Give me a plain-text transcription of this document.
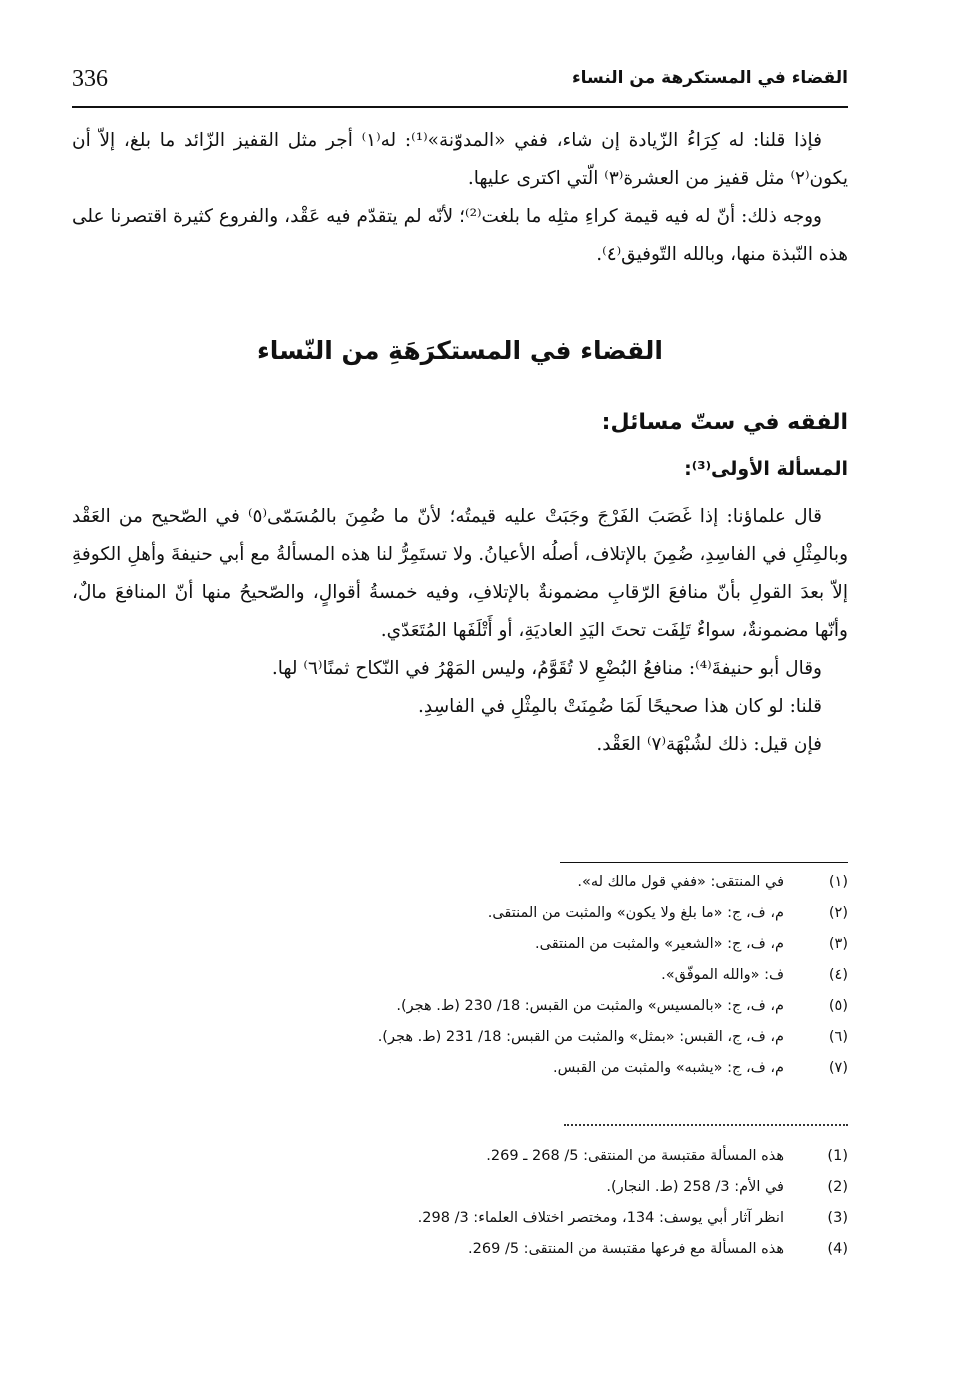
336	القضاء في المستكرهة من النساء

فإذا قلنا: له كِرَاءُ الزّيادة إن شاء، ففي «المدوّنة»⁽¹⁾: له⁽١⁾ أجر مثل القفيز الزّائد ما بلغ، إلاّ أن يكون⁽٢⁾ مثل قفيز من العشرة⁽٣⁾ الّتي اكترى عليها.

ووجه ذلك: أنّ له فيه قيمة كراءِ مثلِه ما بلغت⁽²⁾؛ لأنّه لم يتقدّم فيه عَقْد، والفروع كثيرة اقتصرنا على هذه النّبذة منها، وبالله التّوفيق⁽٤⁾.

القضاء في المستكرَهَةِ من النّساء
الفقه في ستّ مسائل:
المسألة الأولى⁽³⁾:

قال علماؤنا: إذا غَصَبَ الفَرْجَ وجَبَتْ عليه قيمتُه؛ لأنّ ما ضُمِنَ بالمُسَمّى⁽٥⁾ في الصّحيح من العَقْد وبالمِثْلِ في الفاسِدِ، ضُمِنَ بالإتلاف، أصلُه الأعيانُ. ولا تستَمِرُّ لنا هذه المسألةُ مع أبي حنيفةَ وأهلِ الكوفةِ إلاّ بعدَ القولِ بأنّ منافعَ الرّقابِ مضمونةٌ بالإتلافِ، وفيه خمسةُ أقوالٍ، والصّحيحُ منها أنّ المنافعَ مالٌ، وأنّها مضمونةٌ، سواءٌ تَلِفَت تحتَ اليَدِ العاديَةِ، أو أَتْلَفَها المُتَعَدّي.

وقال أبو حنيفةَ⁽⁴⁾: منافعُ البُضْعِ لا تُقَوَّمُ، وليس المَهْرُ في النّكاح ثمنًا⁽٦⁾ لها.

قلنا: لو كان هذا صحيحًا لَمَا ضُمِنَتْ بالمِثْلِ في الفاسِدِ.

فإن قيل: ذلك لشُبْهَة⁽٧⁾ العَقْد.

(١)
في المنتقى: «ففي قول مالك له».
(٢)
م، ف، ج: «ما بلغ ولا يكون» والمثبت من المنتقى.
(٣)
م، ف، ج: «الشعير» والمثبت من المنتقى.
(٤)
ف: «والله الموفّق».
(٥)
م، ف، ج: «بالمسيس» والمثبت من القبس: 18/ 230 (ط. هجر).
(٦)
م، ف، ج، القبس: «بمثل» والمثبت من القبس: 18/ 231 (ط. هجر).
(٧)
م، ف، ج: «يشبه» والمثبت من القبس.
(1)
هذه المسألة مقتبسة من المنتقى: 5/ 268 ـ 269.
(2)
في الأم: 3/ 258 (ط. النجار).
(3)
انظر آثار أبي يوسف: 134، ومختصر اختلاف العلماء: 3/ 298.
(4)
هذه المسألة مع فرعها مقتبسة من المنتقى: 5/ 269.
